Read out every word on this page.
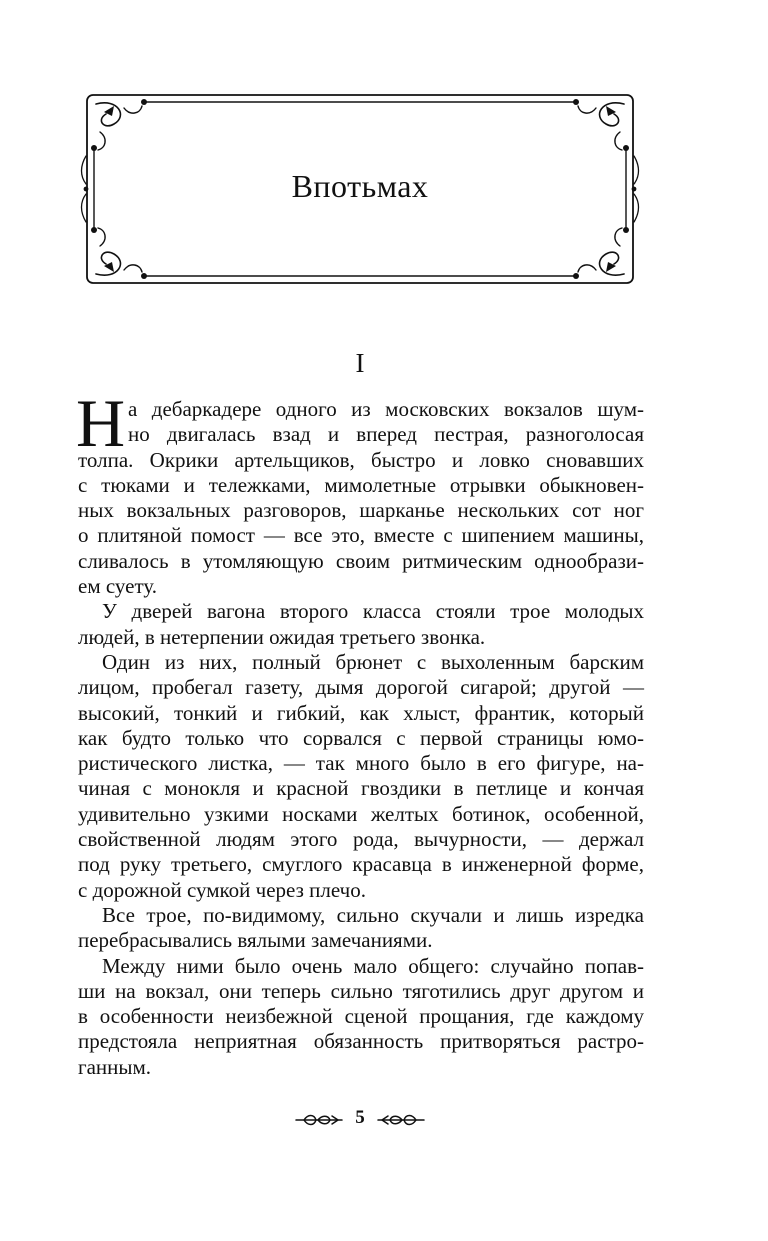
Впотьмах
I
Н а дебаркадере одного из московских вокзалов шум-
но двигалась взад и вперед пестрая, разноголосая
толпа. Окрики артельщиков, быстро и ловко сновавших
с тюками и тележками, мимолетные отрывки обыкновен-
ных вокзальных разговоров, шарканье нескольких сот ног
о плитяной помост — все это, вместе с шипением машины,
сливалось в утомляющую своим ритмическим однообрази-
ем суету.
У дверей вагона второго класса стояли трое молодых
людей, в нетерпении ожидая третьего звонка.
Один из них, полный брюнет с выхоленным барским
лицом, пробегал газету, дымя дорогой сигарой; другой —
высокий, тонкий и гибкий, как хлыст, франтик, который
как будто только что сорвался с первой страницы юмо-
ристического листка, — так много было в его фигуре, на-
чиная с монокля и красной гвоздики в петлице и кончая
удивительно узкими носками желтых ботинок, особенной,
свойственной людям этого рода, вычурности, — держал
под руку третьего, смуглого красавца в инженерной форме,
с дорожной сумкой через плечо.
Все трое, по-видимому, сильно скучали и лишь изредка
перебрасывались вялыми замечаниями.
Между ними было очень мало общего: случайно попав-
ши на вокзал, они теперь сильно тяготились друг другом и
в особенности неизбежной сценой прощания, где каждому
предстояла неприятная обязанность притворяться растро-
ганным.
5
